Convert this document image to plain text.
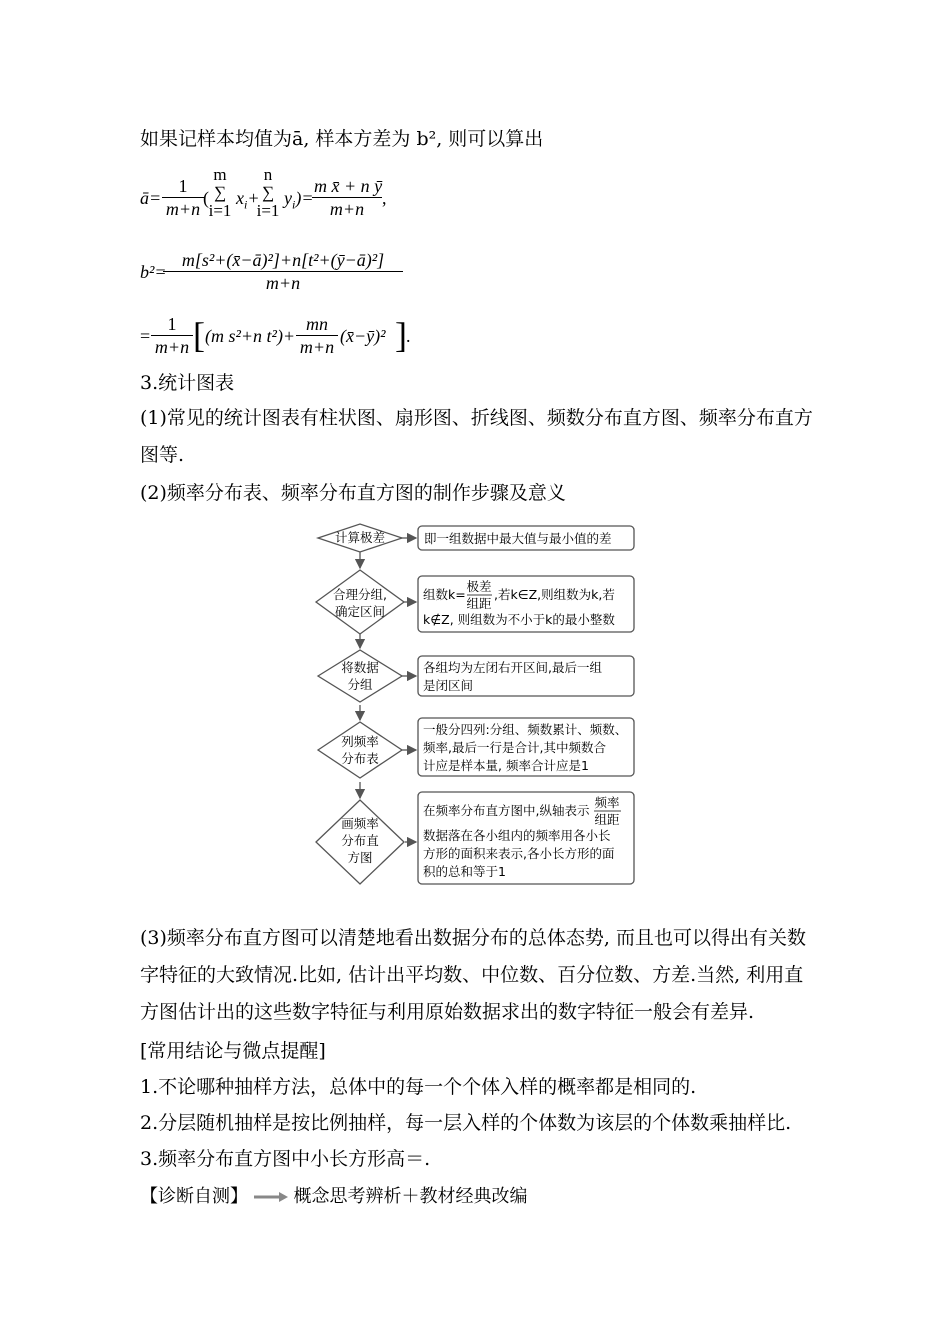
如果记样本均值为ā, 样本方差为 b², 则可以算出
ā= $\frac{1}{m+n}$ (
m
∑
i=1
$x_i+$
n
∑
i=1
$y_i)=$
$\frac{\text{m x̄ + n ȳ}}{m+n}$ ,
b²=
$\frac{\text{m[s²+(x̄−ā)²]+n[t²+(ȳ−ā)²]}}{m+n}$
= $\frac{1}{m+n}$ [ (m s²+n $t^2)+ \frac{mn}{m+n}$ (x̄−ȳ)² ] .
3.统计图表
(1)常见的统计图表有柱状图、扇形图、折线图、频数分布直方图、频率分布直方图等.
(2)频率分布表、频率分布直方图的制作步骤及意义
计算极差	即一组数据中最大值与最小值的差
合理分组,
确定区间
组数k=
极差
组距
,若k∈Z,则组数为k,若
k∉Z, 则组数为不小于k的最小整数
将数据
分组
各组均为左闭右开区间,最后一组
是闭区间
列频率
分布表
一般分四列:分组、频数累计、频数、
频率,最后一行是合计,其中频数合
计应是样本量, 频率合计应是1
画频率
分布直
方图
在频率分布直方图中,纵轴表示
频率
组距
数据落在各小组内的频率用各小长
方形的面积来表示,各小长方形的面
积的总和等于1
(3)频率分布直方图可以清楚地看出数据分布的总体态势, 而且也可以得出有关数字特征的大致情况.比如, 估计出平均数、中位数、百分位数、方差.当然, 利用直方图估计出的这些数字特征与利用原始数据求出的数字特征一般会有差异.
[常用结论与微点提醒]
1.不论哪种抽样方法，总体中的每一个个体入样的概率都是相同的.
2.分层随机抽样是按比例抽样，每一层入样的个体数为该层的个体数乘抽样比.
3.频率分布直方图中小长方形高＝.
【诊断自测】	概念思考辨析＋教材经典改编
